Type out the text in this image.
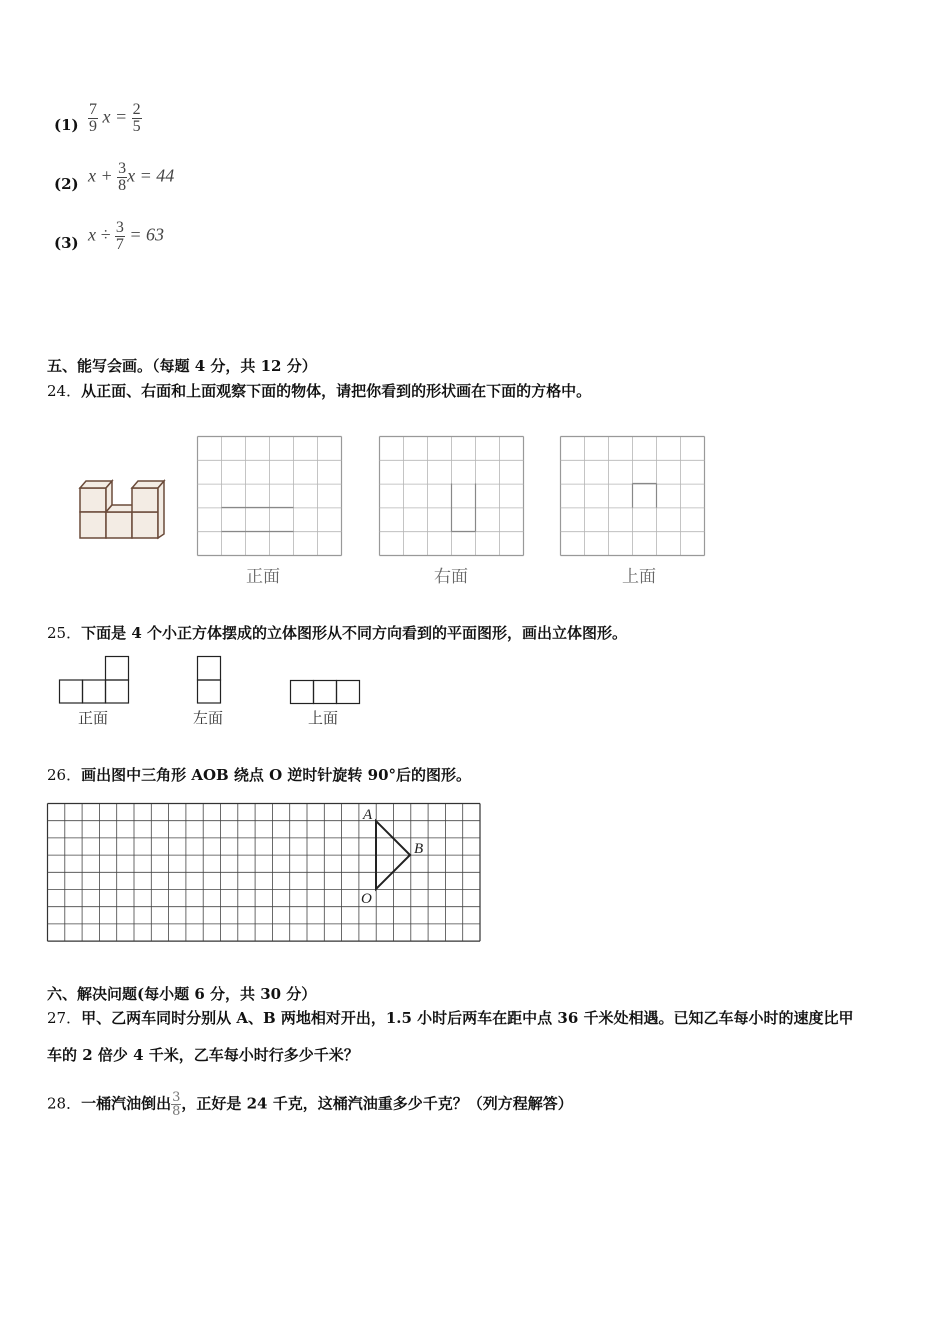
$(1) \frac{7}{9}$ $x = \frac{2}{5}$
(2) $x + \frac{3}{8}$ x = 44
(3) $x \div \frac{3}{7} = 63$
五、能写会画。（每题 4 分，共 12 分）
24．从正面、右面和上面观察下面的物体，请把你看到的形状画在下面的方格中。
正面	右面	上面
25．下面是 4 个小正方体摆成的立体图形从不同方向看到的平面图形，画出立体图形。
正面	左面	上面
26．画出图中三角形 AOB 绕点 O 逆时针旋转 90°后的图形。
A
B
O
六、解决问题(每小题 6 分，共 30 分）
27．甲、乙两车同时分别从 A、B 两地相对开出，1.5 小时后两车在距中点 36 千米处相遇。已知乙车每小时的速度比甲
车的 2 倍少 4 千米，乙车每小时行多少千米？
28．一桶汽油倒出 $\frac{3}{8}$ ，正好是 24 千克，这桶汽油重多少千克？（列方程解答）
